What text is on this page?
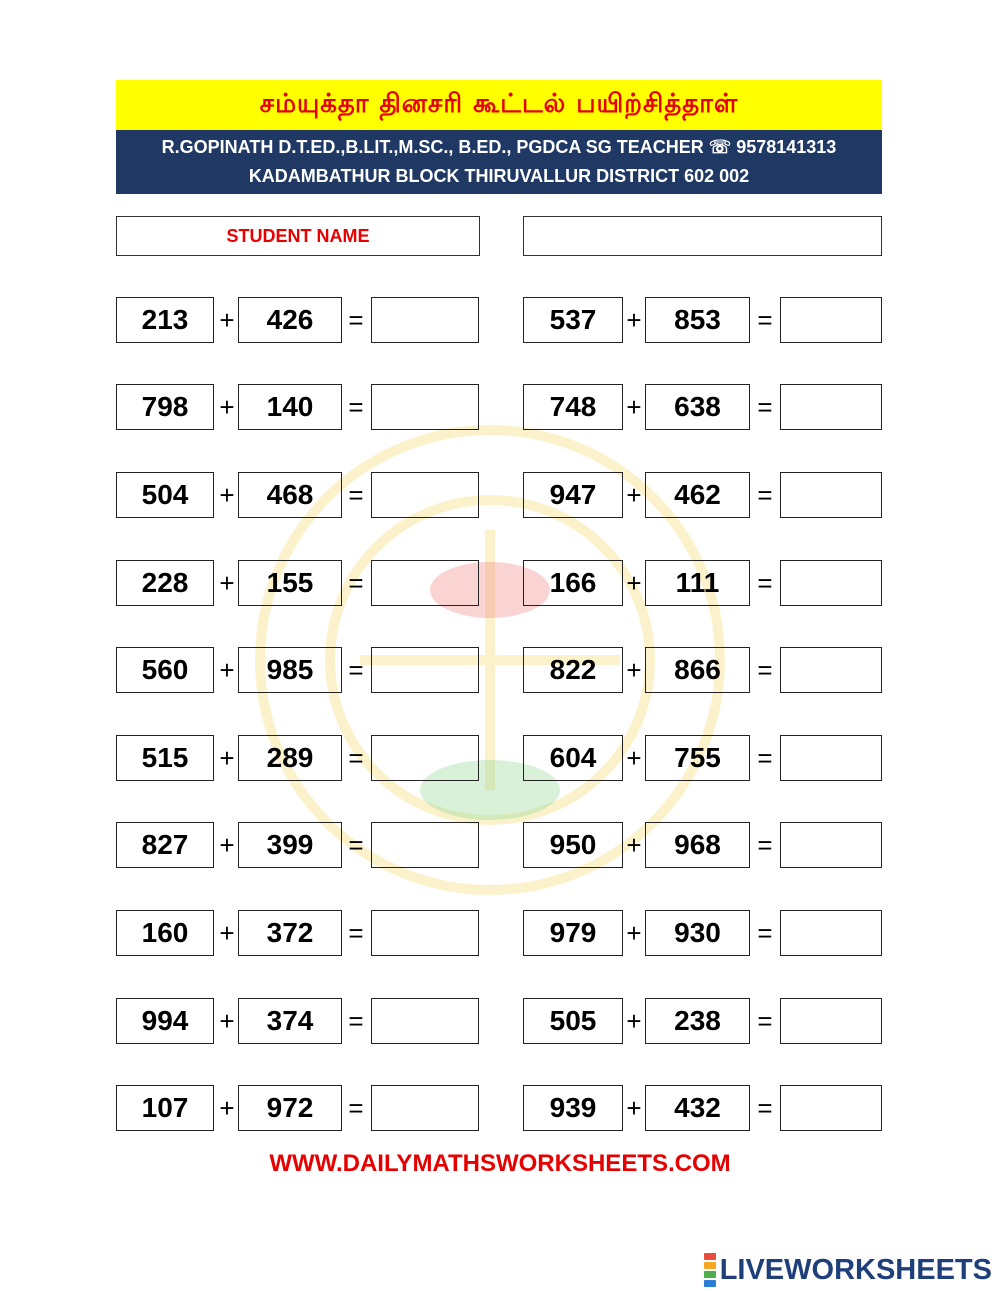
சம்யுக்தா தினசரி கூட்டல் பயிற்சித்தாள்
R.GOPINATH D.T.ED.,B.LIT.,M.SC., B.ED., PGDCA SG TEACHER ☏ 9578141313
KADAMBATHUR BLOCK THIRUVALLUR DISTRICT 602 002
STUDENT NAME
213	+	426	=
798	+	140	=
504	+	468	=
228	+	155	=
560	+	985	=
515	+	289	=
827	+	399	=
160	+	372	=
994	+	374	=
107	+	972	=
537	+	853	=
748	+	638	=
947	+	462	=
166	+	111	=
822	+	866	=
604	+	755	=
950	+	968	=
979	+	930	=
505	+	238	=
939	+	432	=
WWW.DAILYMATHSWORKSHEETS.COM
LIVEWORKSHEETS
